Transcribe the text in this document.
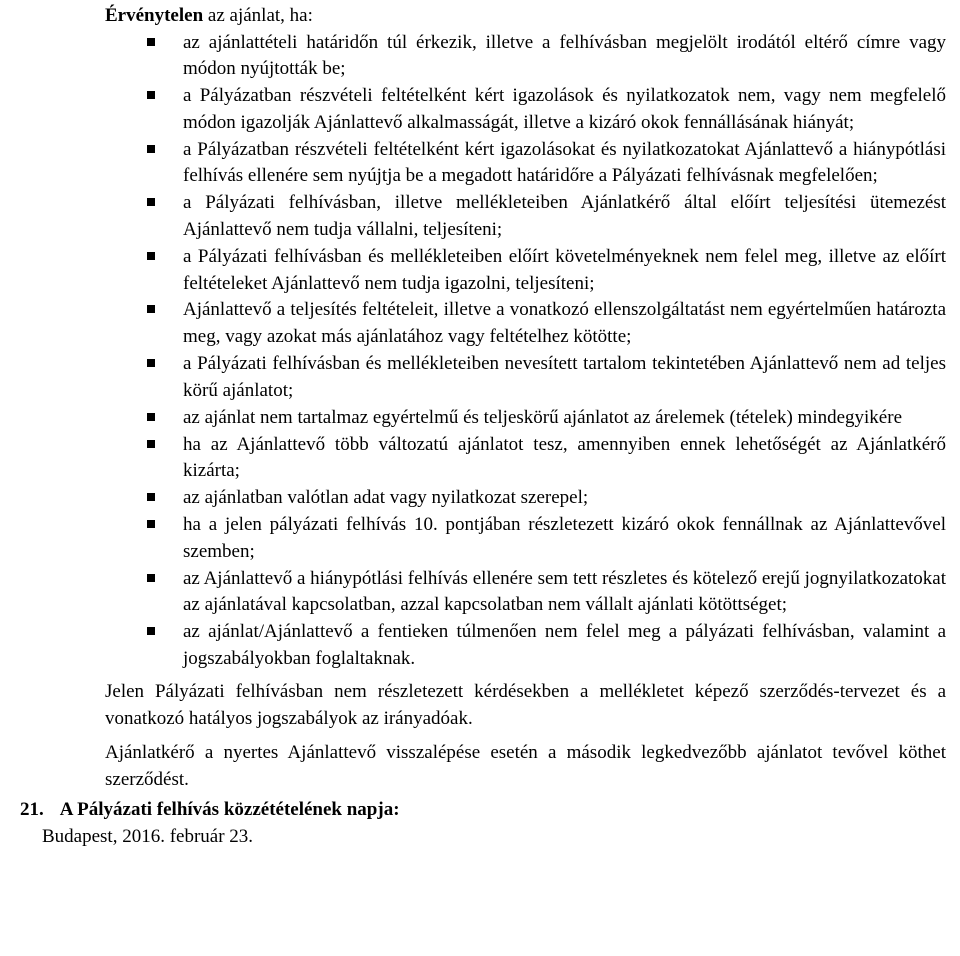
Érvénytelen az ajánlat, ha:
az ajánlattételi határidőn túl érkezik, illetve a felhívásban megjelölt irodától eltérő címre vagy módon nyújtották be;
a Pályázatban részvételi feltételként kért igazolások és nyilatkozatok nem, vagy nem megfelelő módon igazolják Ajánlattevő alkalmasságát, illetve a kizáró okok fennállásának hiányát;
a Pályázatban részvételi feltételként kért igazolásokat és nyilatkozatokat Ajánlattevő a hiánypótlási felhívás ellenére sem nyújtja be a megadott határidőre a Pályázati felhívásnak megfelelően;
a Pályázati felhívásban, illetve mellékleteiben Ajánlatkérő által előírt teljesítési ütemezést Ajánlattevő nem tudja vállalni, teljesíteni;
a Pályázati felhívásban és mellékleteiben előírt követelményeknek nem felel meg, illetve az előírt feltételeket Ajánlattevő nem tudja igazolni, teljesíteni;
Ajánlattevő a teljesítés feltételeit, illetve a vonatkozó ellenszolgáltatást nem egyértelműen határozta meg, vagy azokat más ajánlatához vagy feltételhez kötötte;
a Pályázati felhívásban és mellékleteiben nevesített tartalom tekintetében Ajánlattevő nem ad teljes körű ajánlatot;
az ajánlat nem tartalmaz egyértelmű és teljeskörű ajánlatot az árelemek (tételek) mindegyikére
ha az Ajánlattevő több változatú ajánlatot tesz, amennyiben ennek lehetőségét az Ajánlatkérő kizárta;
az ajánlatban valótlan adat vagy nyilatkozat szerepel;
ha a jelen pályázati felhívás 10. pontjában részletezett kizáró okok fennállnak az Ajánlattevővel szemben;
az Ajánlattevő a hiánypótlási felhívás ellenére sem tett részletes és kötelező erejű jognyilatkozatokat az ajánlatával kapcsolatban, azzal kapcsolatban nem vállalt ajánlati kötöttséget;
az ajánlat/Ajánlattevő a fentieken túlmenően nem felel meg a pályázati felhívásban, valamint a jogszabályokban foglaltaknak.

Jelen Pályázati felhívásban nem részletezett kérdésekben a mellékletet képező szerződés-tervezet és a vonatkozó hatályos jogszabályok az irányadóak.

Ajánlatkérő a nyertes Ajánlattevő visszalépése esetén a második legkedvezőbb ajánlatot tevővel köthet szerződést.

21. A Pályázati felhívás közzétételének napja:
Budapest, 2016. február 23.
